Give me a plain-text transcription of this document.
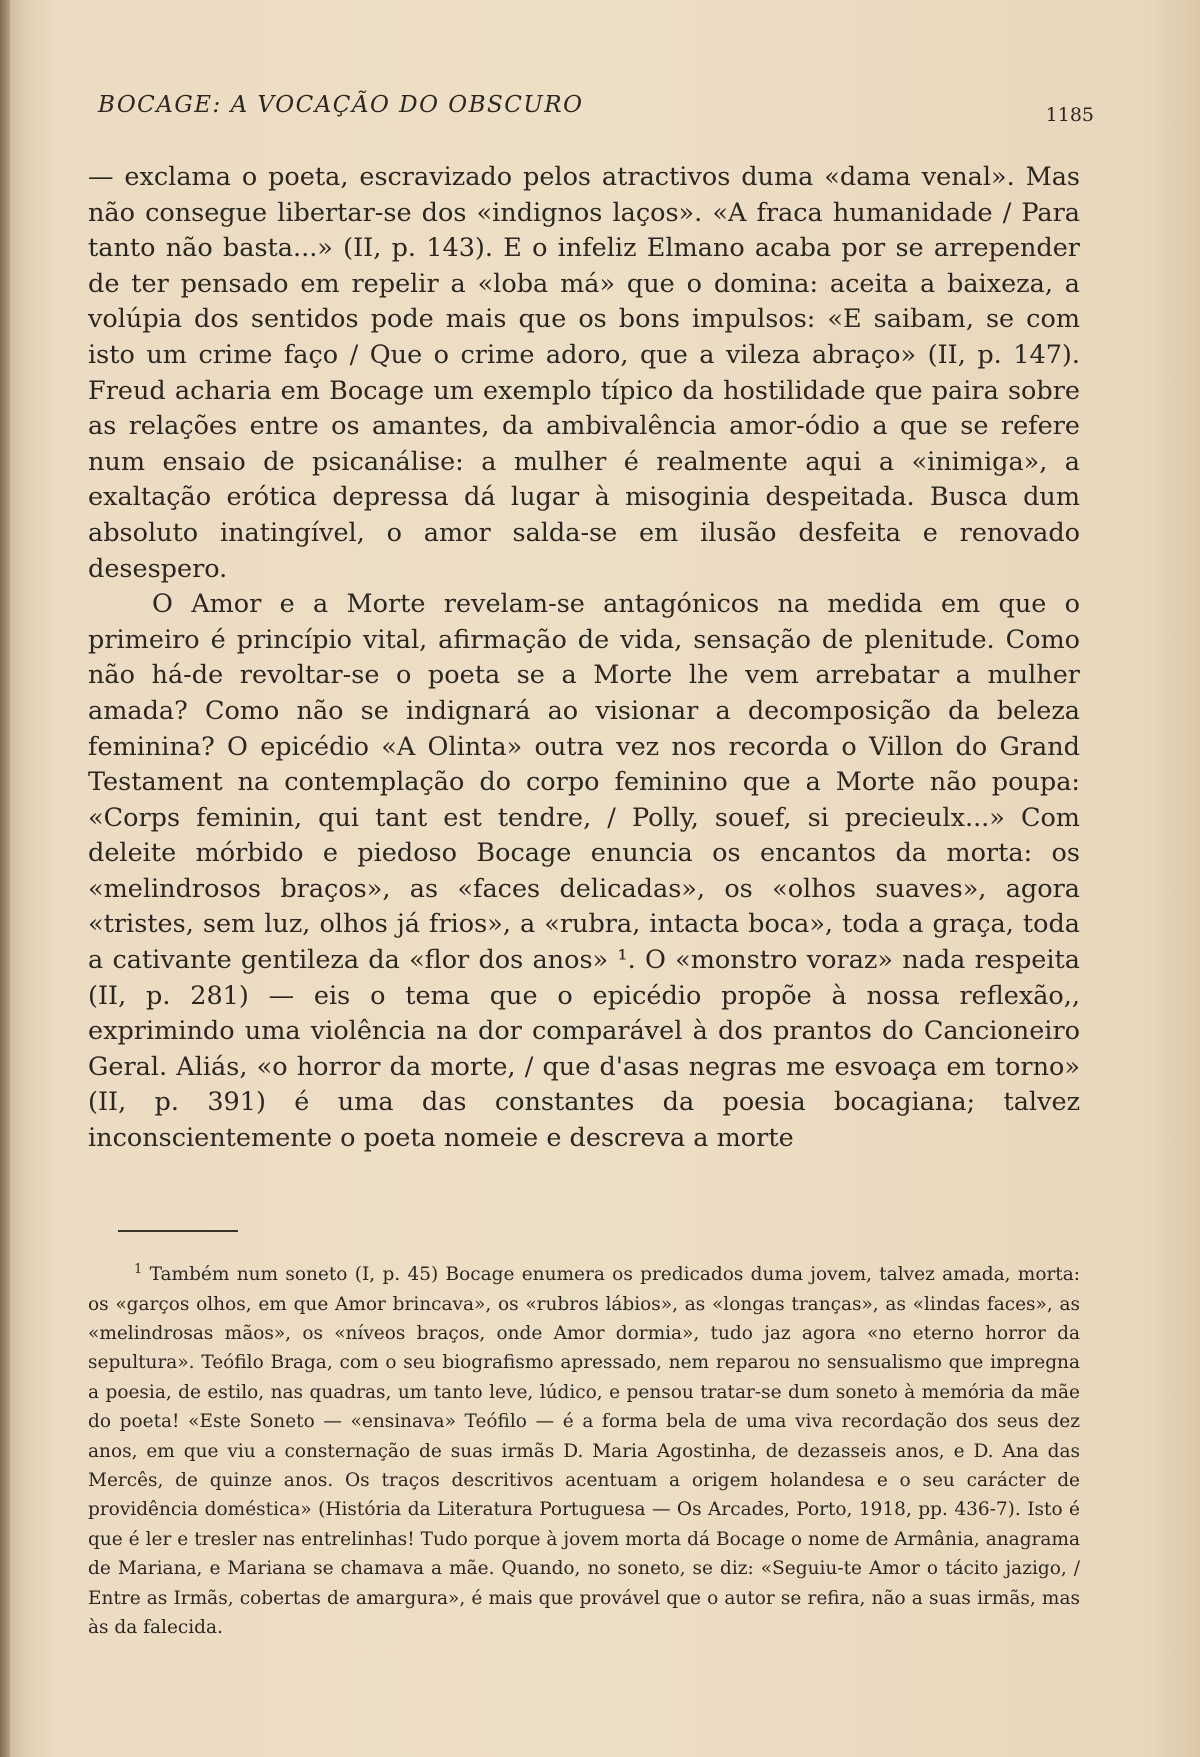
BOCAGE: A VOCAÇÃO DO OBSCURO	1185

— exclama o poeta, escravizado pelos atractivos duma «dama venal». Mas não consegue libertar-se dos «indignos laços». «A fraca humanidade / Para tanto não basta...» (II, p. 143). E o infeliz Elmano acaba por se arrepender de ter pensado em repelir a «loba má» que o domina: aceita a baixeza, a volúpia dos sentidos pode mais que os bons impulsos: «E saibam, se com isto um crime faço / Que o crime adoro, que a vileza abraço» (II, p. 147). Freud acharia em Bocage um exemplo típico da hostilidade que paira sobre as relações entre os amantes, da ambivalência amor-ódio a que se refere num ensaio de psicanálise: a mulher é realmente aqui a «inimiga», a exaltação erótica depressa dá lugar à misoginia despeitada. Busca dum absoluto inatingível, o amor salda-se em ilusão desfeita e renovado desespero.

O Amor e a Morte revelam-se antagónicos na medida em que o primeiro é princípio vital, afirmação de vida, sensação de plenitude. Como não há-de revoltar-se o poeta se a Morte lhe vem arrebatar a mulher amada? Como não se indignará ao visionar a decomposição da beleza feminina? O epicédio «A Olinta» outra vez nos recorda o Villon do Grand Testament na contemplação do corpo feminino que a Morte não poupa: «Corps feminin, qui tant est tendre, / Polly, souef, si precieulx...» Com deleite mórbido e piedoso Bocage enuncia os encantos da morta: os «melindrosos braços», as «faces delicadas», os «olhos suaves», agora «tristes, sem luz, olhos já frios», a «rubra, intacta boca», toda a graça, toda a cativante gentileza da «flor dos anos» ¹. O «monstro voraz» nada respeita (II, p. 281) — eis o tema que o epicédio propõe à nossa reflexão,, exprimindo uma violência na dor comparável à dos prantos do Cancioneiro Geral. Aliás, «o horror da morte, / que d'asas negras me esvoaça em torno» (II, p. 391) é uma das constantes da poesia bocagiana; talvez inconscientemente o poeta nomeie e descreva a morte

$^1$ Também num soneto (I, p. 45) Bocage enumera os predicados duma jovem, talvez amada, morta: os «garços olhos, em que Amor brincava», os «rubros lábios», as «longas tranças», as «lindas faces», as «melindrosas mãos», os «níveos braços, onde Amor dormia», tudo jaz agora «no eterno horror da sepultura». Teófilo Braga, com o seu biografismo apressado, nem reparou no sensualismo que impregna a poesia, de estilo, nas quadras, um tanto leve, lúdico, e pensou tratar-se dum soneto à memória da mãe do poeta! «Este Soneto — «ensinava» Teófilo — é a forma bela de uma viva recordação dos seus dez anos, em que viu a consternação de suas irmãs D. Maria Agostinha, de dezasseis anos, e D. Ana das Mercês, de quinze anos. Os traços descritivos acentuam a origem holandesa e o seu carácter de providência doméstica» (História da Literatura Portuguesa — Os Arcades, Porto, 1918, pp. 436-7). Isto é que é ler e tresler nas entrelinhas! Tudo porque à jovem morta dá Bocage o nome de Armânia, anagrama de Mariana, e Mariana se chamava a mãe. Quando, no soneto, se diz: «Seguiu-te Amor o tácito jazigo, / Entre as Irmãs, cobertas de amargura», é mais que provável que o autor se refira, não a suas irmãs, mas às da falecida.
